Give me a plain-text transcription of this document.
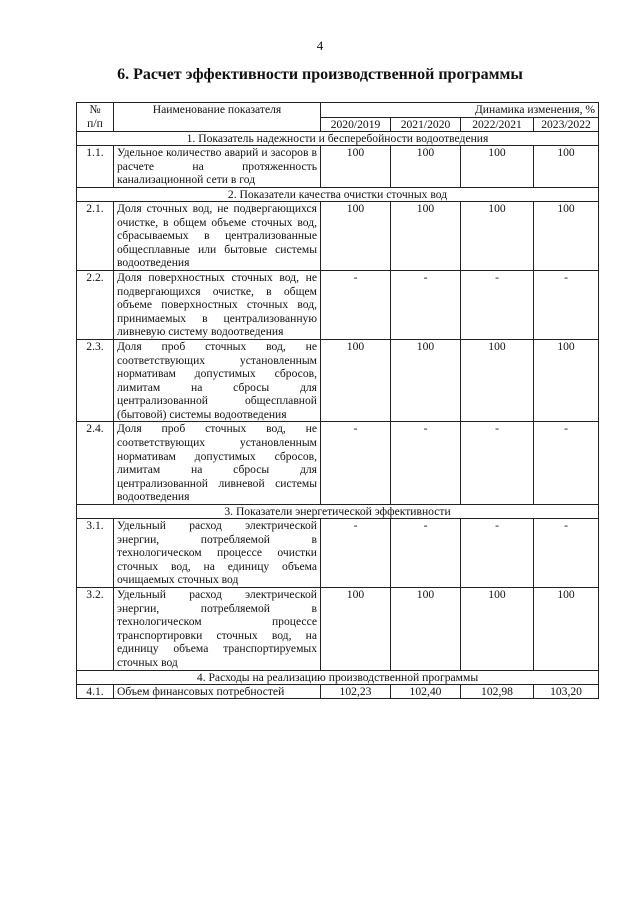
4
6. Расчет эффективности производственной программы
№
п/п	Наименование показателя	Динамика изменения, %			
		2020/2019	2021/2020	2022/2021	2023/2022
1. Показатель надежности и бесперебойности водоотведения					
1.1.	Удельное количество аварий и засоров в расчете на протяженность канализационной сети в год	100	100	100	100
2. Показатели качества очистки сточных вод					
2.1.	Доля сточных вод, не подвергающихся очистке, в общем объеме сточных вод, сбрасываемых в централизованные общесплавные или бытовые системы водоотведения	100	100	100	100
2.2.	Доля поверхностных сточных вод, не подвергающихся очистке, в общем объеме поверхностных сточных вод, принимаемых в централизованную ливневую систему водоотведения	-	-	-	-
2.3.	Доля проб сточных вод, не соответствующих установленным нормативам допустимых сбросов, лимитам на сбросы для централизованной общесплавной (бытовой) системы водоотведения	100	100	100	100
2.4.	Доля проб сточных вод, не соответствующих установленным нормативам допустимых сбросов, лимитам на сбросы для централизованной ливневой системы водоотведения	-	-	-	-
3. Показатели энергетической эффективности					
3.1.	Удельный расход электрической энергии, потребляемой в технологическом процессе очистки сточных вод, на единицу объема очищаемых сточных вод	-	-	-	-
3.2.	Удельный расход электрической энергии, потребляемой в технологическом процессе транспортировки сточных вод, на единицу объема транспортируемых сточных вод	100	100	100	100
4. Расходы на реализацию производственной программы					
4.1.	Объем финансовых потребностей	102,23	102,40	102,98	103,20
